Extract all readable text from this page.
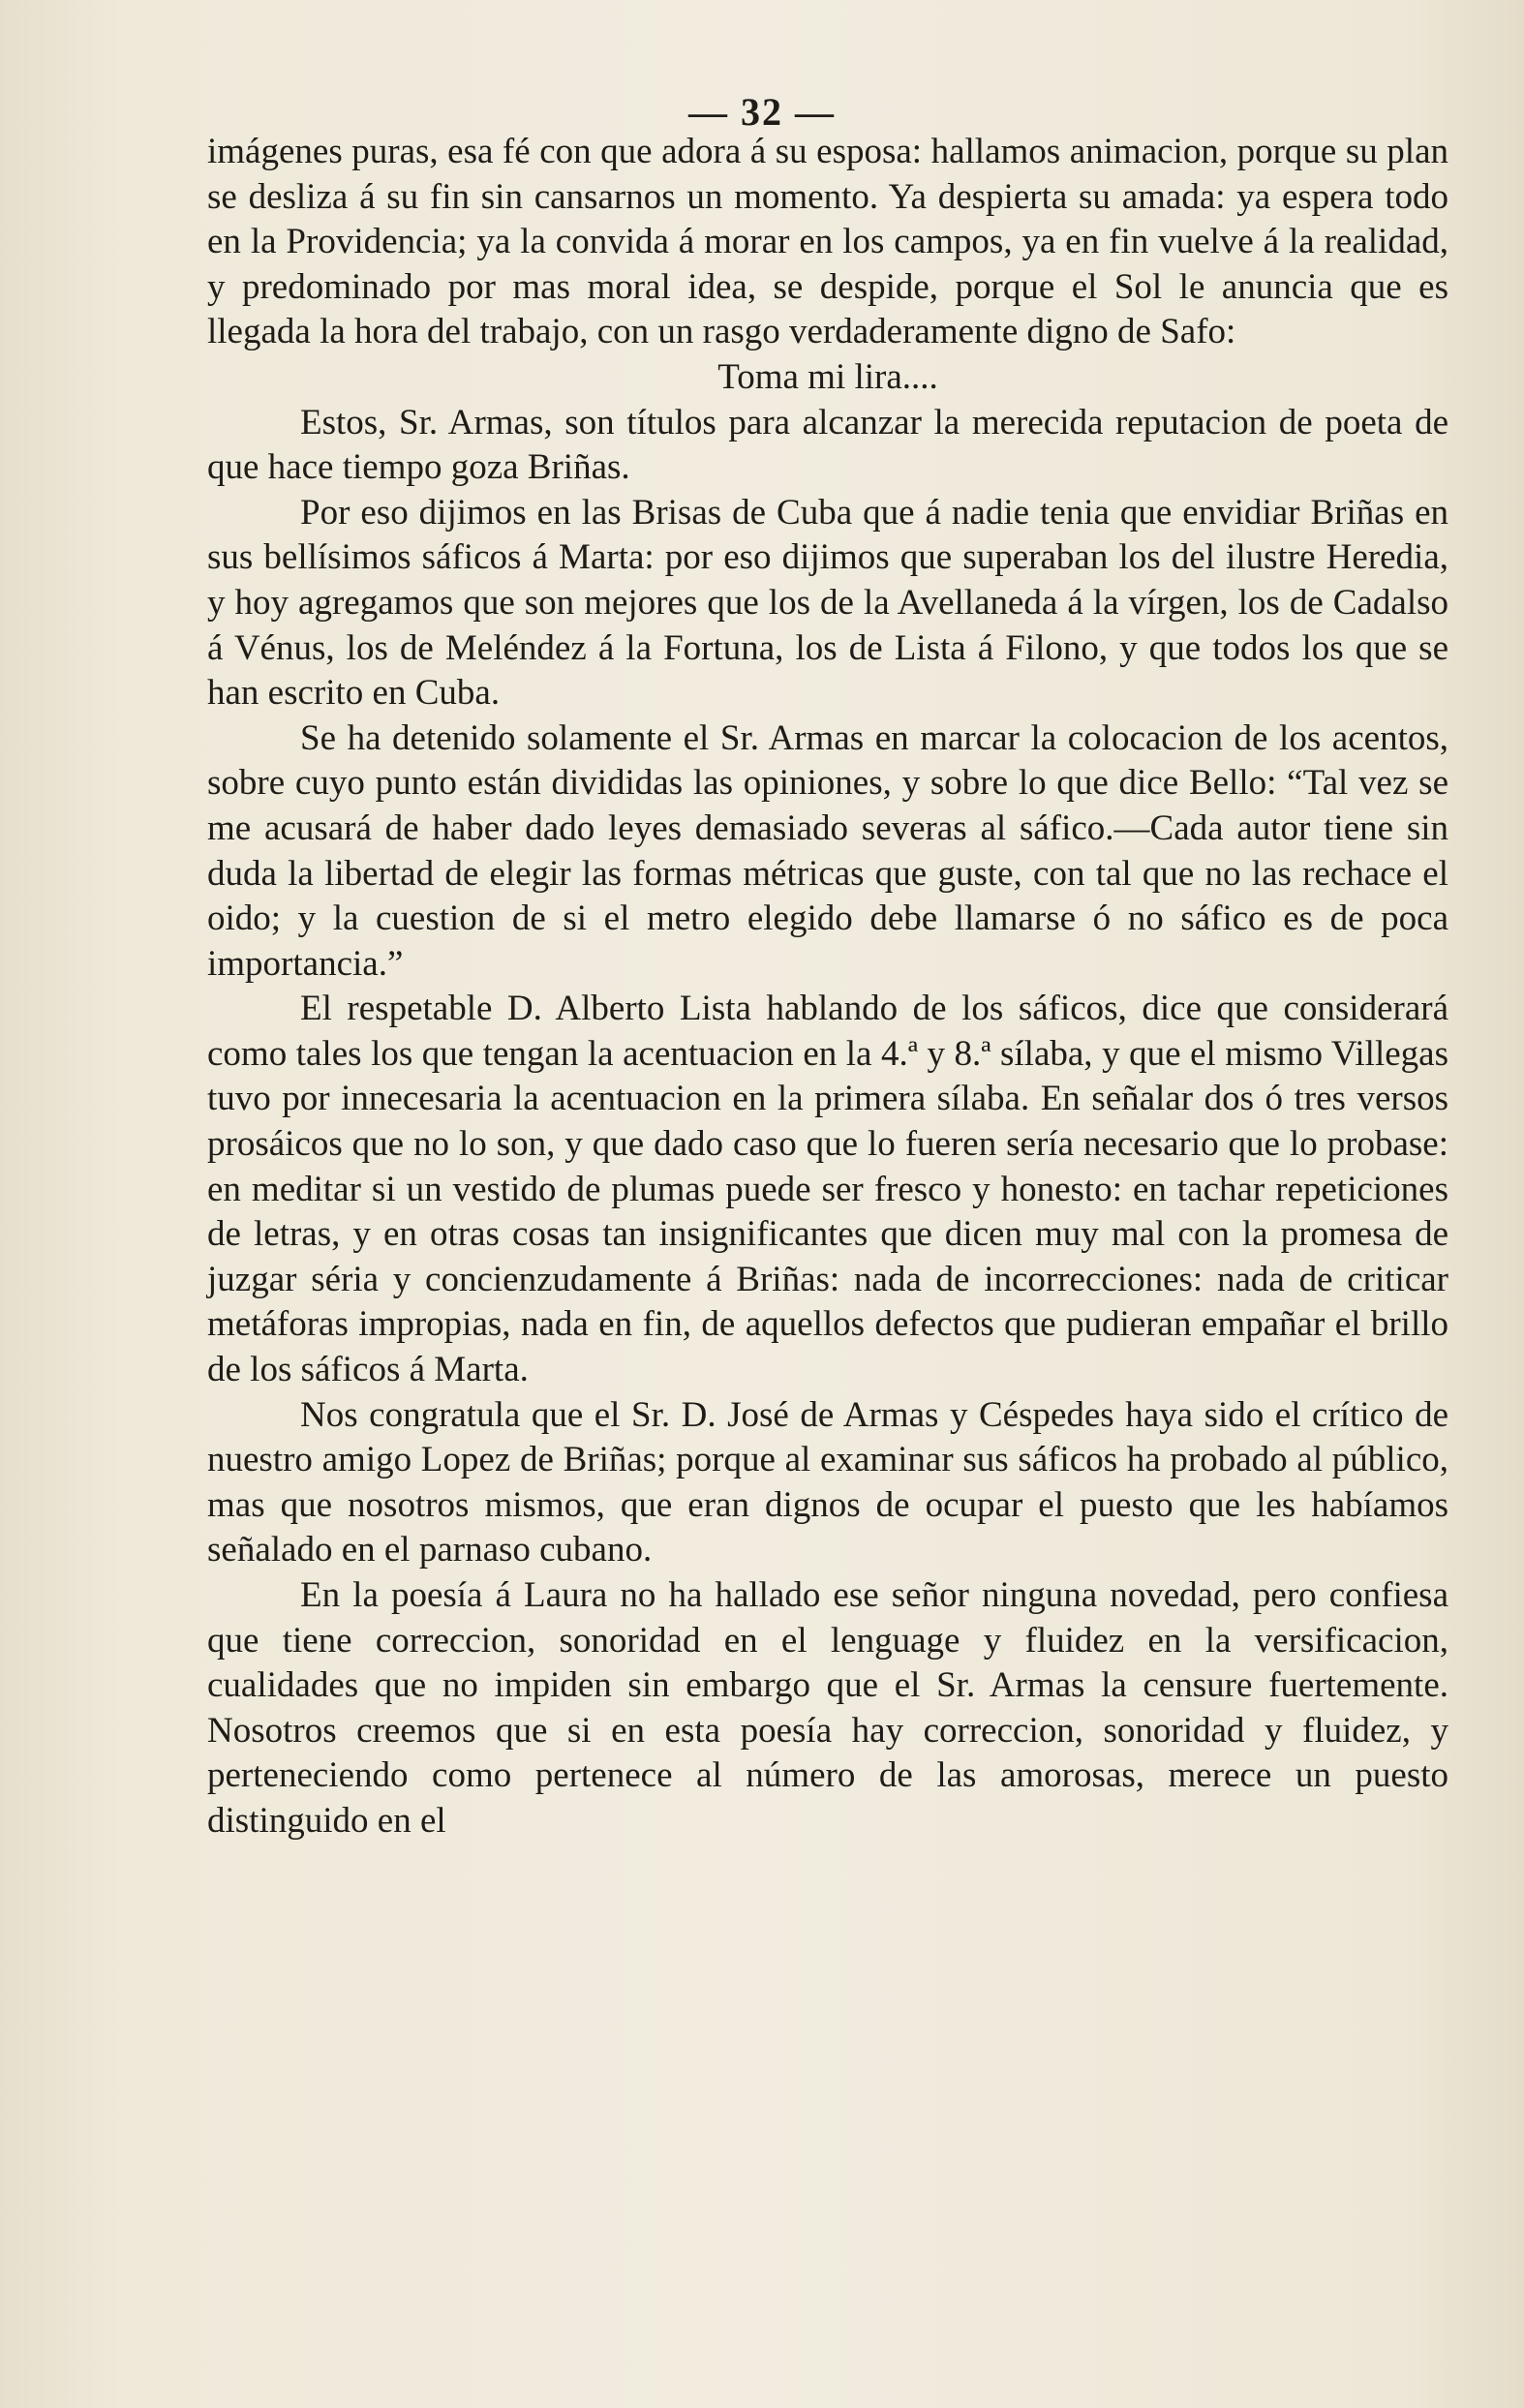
— 32 —

imágenes puras, esa fé con que adora á su esposa: hallamos animacion, porque su plan se desliza á su fin sin cansarnos un momento. Ya despierta su amada: ya espera todo en la Providencia; ya la convida á morar en los campos, ya en fin vuelve á la realidad, y predominado por mas moral idea, se despide, porque el Sol le anuncia que es llegada la hora del trabajo, con un rasgo verdaderamente digno de Safo:

Toma mi lira....

Estos, Sr. Armas, son títulos para alcanzar la merecida reputacion de poeta de que hace tiempo goza Briñas.

Por eso dijimos en las Brisas de Cuba que á nadie tenia que envidiar Briñas en sus bellísimos sáficos á Marta: por eso dijimos que superaban los del ilustre Heredia, y hoy agregamos que son mejores que los de la Avellaneda á la vírgen, los de Cadalso á Vénus, los de Meléndez á la Fortuna, los de Lista á Filono, y que todos los que se han escrito en Cuba.

Se ha detenido solamente el Sr. Armas en marcar la colocacion de los acentos, sobre cuyo punto están divididas las opiniones, y sobre lo que dice Bello: “Tal vez se me acusará de haber dado leyes demasiado severas al sáfico.—Cada autor tiene sin duda la libertad de elegir las formas métricas que guste, con tal que no las rechace el oido; y la cuestion de si el metro elegido debe llamarse ó no sáfico es de poca importancia.”

El respetable D. Alberto Lista hablando de los sáficos, dice que considerará como tales los que tengan la acentuacion en la 4.ª y 8.ª sílaba, y que el mismo Villegas tuvo por innecesaria la acentuacion en la primera sílaba. En señalar dos ó tres versos prosáicos que no lo son, y que dado caso que lo fueren sería necesario que lo probase: en meditar si un vestido de plumas puede ser fresco y honesto: en tachar repeticiones de letras, y en otras cosas tan insignificantes que dicen muy mal con la promesa de juzgar séria y concienzudamente á Briñas: nada de incorrecciones: nada de criticar metáforas impropias, nada en fin, de aquellos defectos que pudieran empañar el brillo de los sáficos á Marta.

Nos congratula que el Sr. D. José de Armas y Céspedes haya sido el crítico de nuestro amigo Lopez de Briñas; porque al examinar sus sáficos ha probado al público, mas que nosotros mismos, que eran dignos de ocupar el puesto que les habíamos señalado en el parnaso cubano.

En la poesía á Laura no ha hallado ese señor ninguna novedad, pero confiesa que tiene correccion, sonoridad en el lenguage y fluidez en la versificacion, cualidades que no impiden sin embargo que el Sr. Armas la censure fuertemente. Nosotros creemos que si en esta poesía hay correccion, sonoridad y fluidez, y perteneciendo como pertenece al número de las amorosas, merece un puesto distinguido en el
